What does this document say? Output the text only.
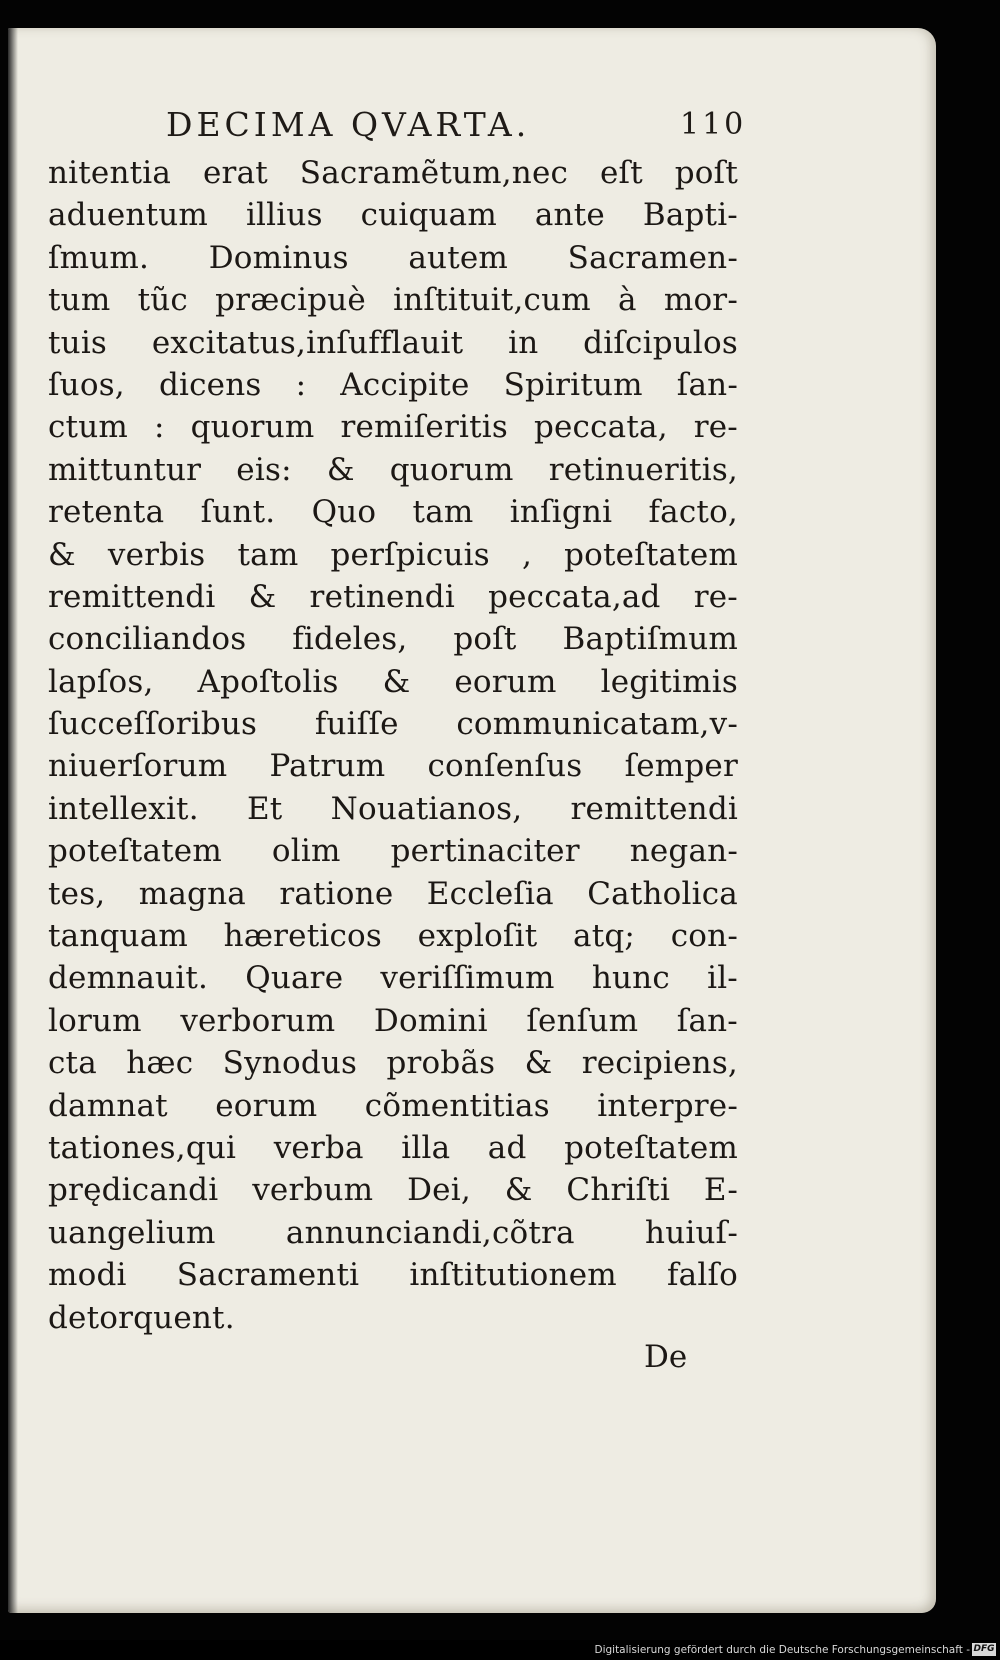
DECIMA QVARTA.	110
nitentia erat Sacramẽtum,nec eſt poſt
aduentum illius cuiquam ante Bapti-
ſmum. Dominus autem Sacramen-
tum tũc præcipuè inſtituit,cum à mor-
tuis excitatus,inſufflauit in diſcipulos
ſuos, dicens : Accipite Spiritum ſan-
ctum : quorum remiſeritis peccata, re-
mittuntur eis: & quorum retinueritis,
retenta ſunt. Quo tam inſigni facto,
& verbis tam perſpicuis , poteſtatem
remittendi & retinendi peccata,ad re-
conciliandos fideles, poſt Baptiſmum
lapſos, Apoſtolis & eorum legitimis
ſucceſſoribus fuiſſe communicatam,v-
niuerſorum Patrum conſenſus ſemper
intellexit. Et Nouatianos, remittendi
poteſtatem olim pertinaciter negan-
tes, magna ratione Eccleſia Catholica
tanquam hæreticos exploſit atq; con-
demnauit. Quare veriſſimum hunc il-
lorum verborum Domini ſenſum ſan-
cta hæc Synodus probãs & recipiens,
damnat eorum cõmentitias interpre-
tationes,qui verba illa ad poteſtatem
prędicandi verbum Dei, & Chriſti E-
uangelium annunciandi,cõtra huiuſ-
modi Sacramenti inſtitutionem falſo
detorquent.
De
Digitalisierung gefördert durch die Deutsche Forschungsgemeinschaft - DFG
